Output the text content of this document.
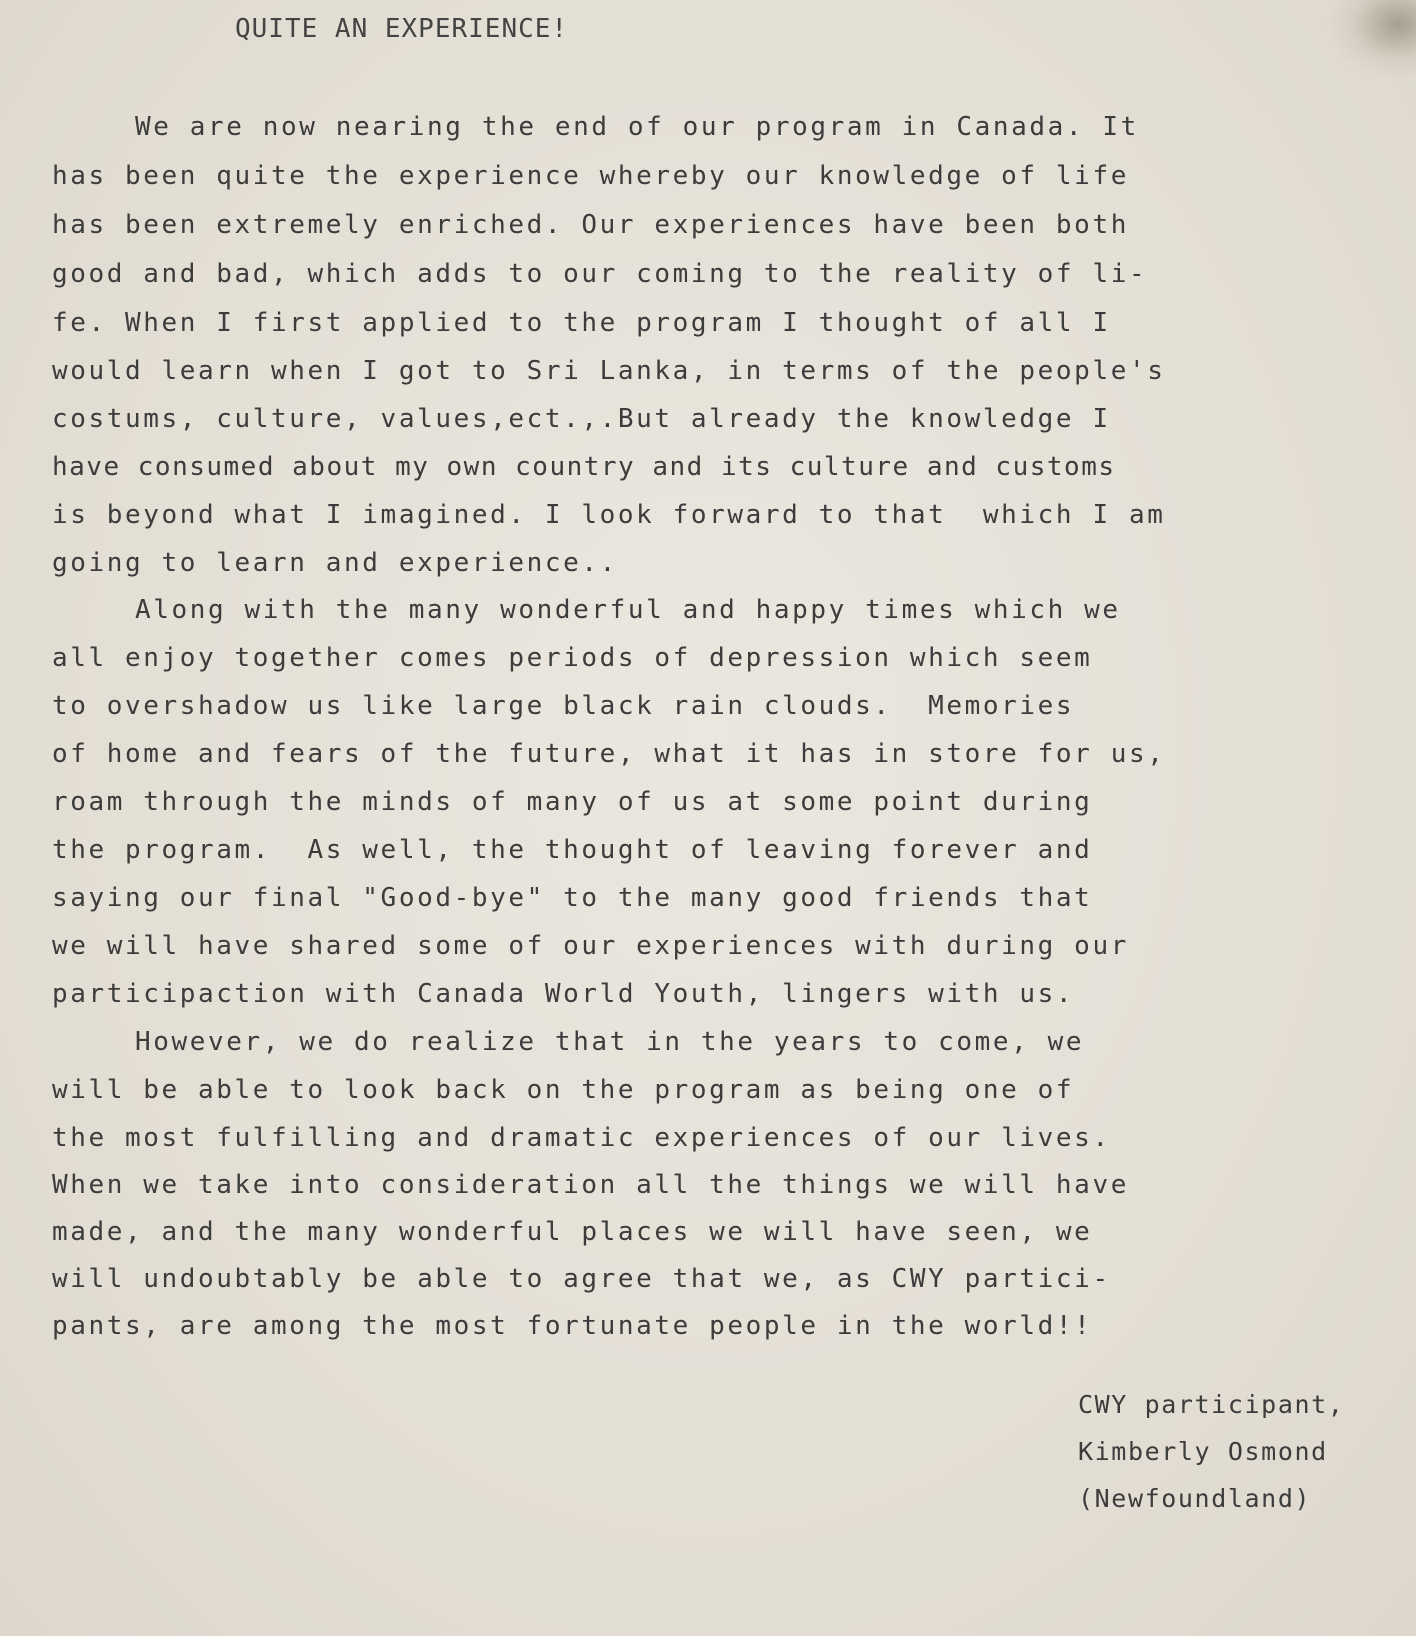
QUITE AN EXPERIENCE!
We are now nearing the end of our program in Canada. It
has been quite the experience whereby our knowledge of life
has been extremely enriched. Our experiences have been both
good and bad, which adds to our coming to the reality of li-
fe. When I first applied to the program I thought of all I
would learn when I got to Sri Lanka, in terms of the people's
costums, culture, values,ect.,.But already the knowledge I
have consumed about my own country and its culture and customs
is beyond what I imagined. I look forward to that  which I am
going to learn and experience..
Along with the many wonderful and happy times which we
all enjoy together comes periods of depression which seem
to overshadow us like large black rain clouds.  Memories
of home and fears of the future, what it has in store for us,
roam through the minds of many of us at some point during
the program.  As well, the thought of leaving forever and
saying our final "Good-bye" to the many good friends that
we will have shared some of our experiences with during our
participaction with Canada World Youth, lingers with us.
However, we do realize that in the years to come, we
will be able to look back on the program as being one of
the most fulfilling and dramatic experiences of our lives.
When we take into consideration all the things we will have
made, and the many wonderful places we will have seen, we
will undoubtably be able to agree that we, as CWY partici-
pants, are among the most fortunate people in the world!!
CWY participant,
Kimberly Osmond
(Newfoundland)
